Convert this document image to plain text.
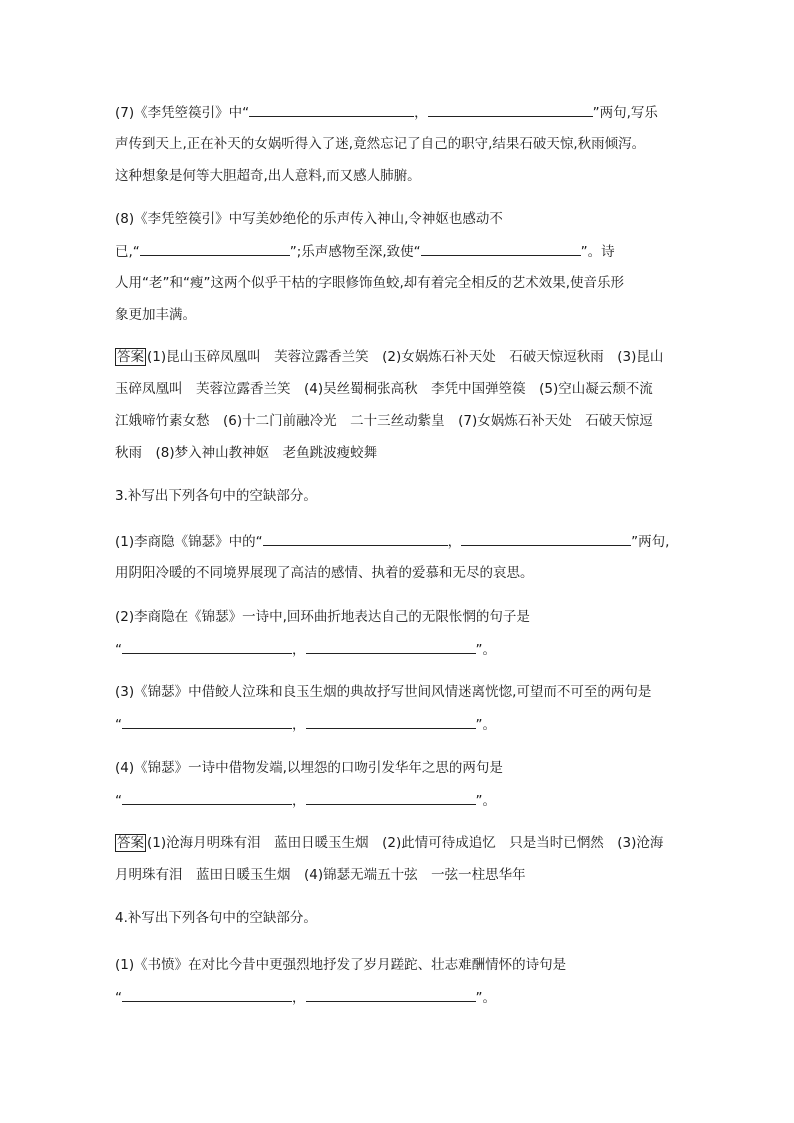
(7)《李凭箜篌引》中“	，	”两句,写乐
声传到天上,正在补天的女娲听得入了迷,竟然忘记了自己的职守,结果石破天惊,秋雨倾泻。
这种想象是何等大胆超奇,出人意料,而又感人肺腑。
(8)《李凭箜篌引》中写美妙绝伦的乐声传入神山,令神妪也感动不
已,“	”;乐声感物至深,致使“	”。诗
人用“老”和“瘦”这两个似乎干枯的字眼修饰鱼蛟,却有着完全相反的艺术效果,使音乐形
象更加丰满。
答案 (1)昆山玉碎凤凰叫　芙蓉泣露香兰笑　(2)女娲炼石补天处　石破天惊逗秋雨　(3)昆山
玉碎凤凰叫　芙蓉泣露香兰笑　(4)吴丝蜀桐张高秋　李凭中国弹箜篌　(5)空山凝云颓不流
江娥啼竹素女愁　(6)十二门前融冷光　二十三丝动紫皇　(7)女娲炼石补天处　石破天惊逗
秋雨　(8)梦入神山教神妪　老鱼跳波瘦蛟舞
3.补写出下列各句中的空缺部分。
(1)李商隐《锦瑟》中的“	，	”两句,
用阴阳冷暖的不同境界展现了高洁的感情、执着的爱慕和无尽的哀思。
(2)李商隐在《锦瑟》一诗中,回环曲折地表达自己的无限怅惘的句子是
“	，	”。
(3)《锦瑟》中借鲛人泣珠和良玉生烟的典故抒写世间风情迷离恍惚,可望而不可至的两句是
“	，	”。
(4)《锦瑟》一诗中借物发端,以埋怨的口吻引发华年之思的两句是
“	，	”。
答案 (1)沧海月明珠有泪　蓝田日暖玉生烟　(2)此情可待成追忆　只是当时已惘然　(3)沧海
月明珠有泪　蓝田日暖玉生烟　(4)锦瑟无端五十弦　一弦一柱思华年
4.补写出下列各句中的空缺部分。
(1)《书愤》在对比今昔中更强烈地抒发了岁月蹉跎、壮志难酬情怀的诗句是
“	，	”。
